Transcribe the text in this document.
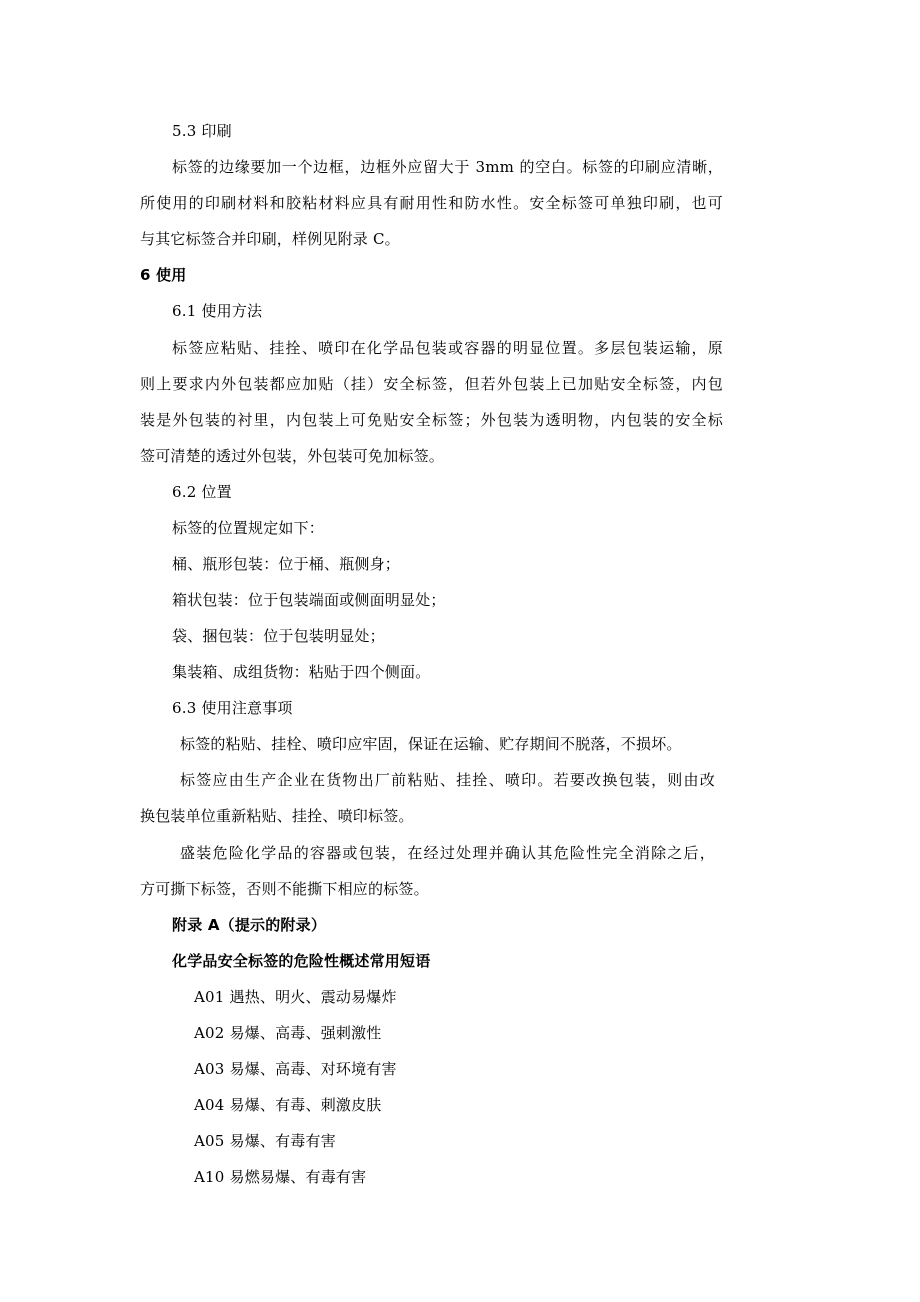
5.3 印刷
标签的边缘要加一个边框，边框外应留大于 3mm 的空白。标签的印刷应清晰，
所使用的印刷材料和胶粘材料应具有耐用性和防水性。安全标签可单独印刷，也可
与其它标签合并印刷，样例见附录 C。
6 使用
6.1 使用方法
标签应粘贴、挂拴、喷印在化学品包装或容器的明显位置。多层包装运输，原
则上要求内外包装都应加贴（挂）安全标签，但若外包装上已加贴安全标签，内包
装是外包装的衬里，内包装上可免贴安全标签；外包装为透明物，内包装的安全标
签可清楚的透过外包装，外包装可免加标签。
6.2 位置
标签的位置规定如下：
桶、瓶形包装：位于桶、瓶侧身；
箱状包装：位于包装端面或侧面明显处；
袋、捆包装：位于包装明显处；
集装箱、成组货物：粘贴于四个侧面。
6.3 使用注意事项
标签的粘贴、挂栓、喷印应牢固，保证在运输、贮存期间不脱落，不损坏。
标签应由生产企业在货物出厂前粘贴、挂拴、喷印。若要改换包装，则由改
换包装单位重新粘贴、挂拴、喷印标签。
盛装危险化学品的容器或包装，在经过处理并确认其危险性完全消除之后，
方可撕下标签，否则不能撕下相应的标签。
附录 A（提示的附录）
化学品安全标签的危险性概述常用短语
A01 遇热、明火、震动易爆炸
A02 易爆、高毒、强刺激性
A03 易爆、高毒、对环境有害
A04 易爆、有毒、刺激皮肤
A05 易爆、有毒有害
A10 易燃易爆、有毒有害
